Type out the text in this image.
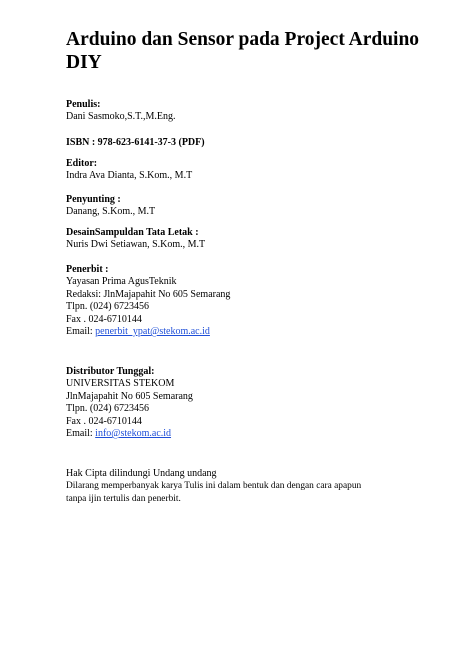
Arduino dan Sensor pada Project Arduino DIY
Penulis:
Dani Sasmoko,S.T.,M.Eng.
ISBN : 978-623-6141-37-3 (PDF)
Editor:
Indra Ava Dianta, S.Kom., M.T
Penyunting :
Danang, S.Kom., M.T
DesainSampuldan Tata Letak :
Nuris Dwi Setiawan, S.Kom., M.T
Penerbit :
Yayasan Prima AgusTeknik
Redaksi: JlnMajapahit No 605 Semarang
Tlpn. (024) 6723456
Fax . 024-6710144
Email: penerbit_ypat@stekom.ac.id
Distributor Tunggal:
UNIVERSITAS STEKOM
JlnMajapahit No 605 Semarang
Tlpn. (024) 6723456
Fax . 024-6710144
Email: info@stekom.ac.id
Hak Cipta dilindungi Undang undang
Dilarang memperbanyak karya Tulis ini dalam bentuk dan dengan cara apapun
tanpa ijin tertulis dan penerbit.
